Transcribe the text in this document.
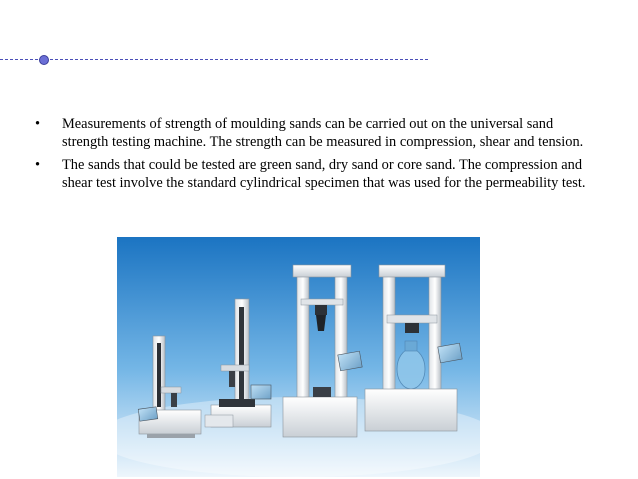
• Measurements of strength of moulding sands can be carried out on the universal sand strength testing machine. The strength can be measured in compression, shear and tension.
• The sands that could be tested are green sand, dry sand or core sand. The compression and shear test involve the standard cylindrical specimen that was used for the permeability test.
